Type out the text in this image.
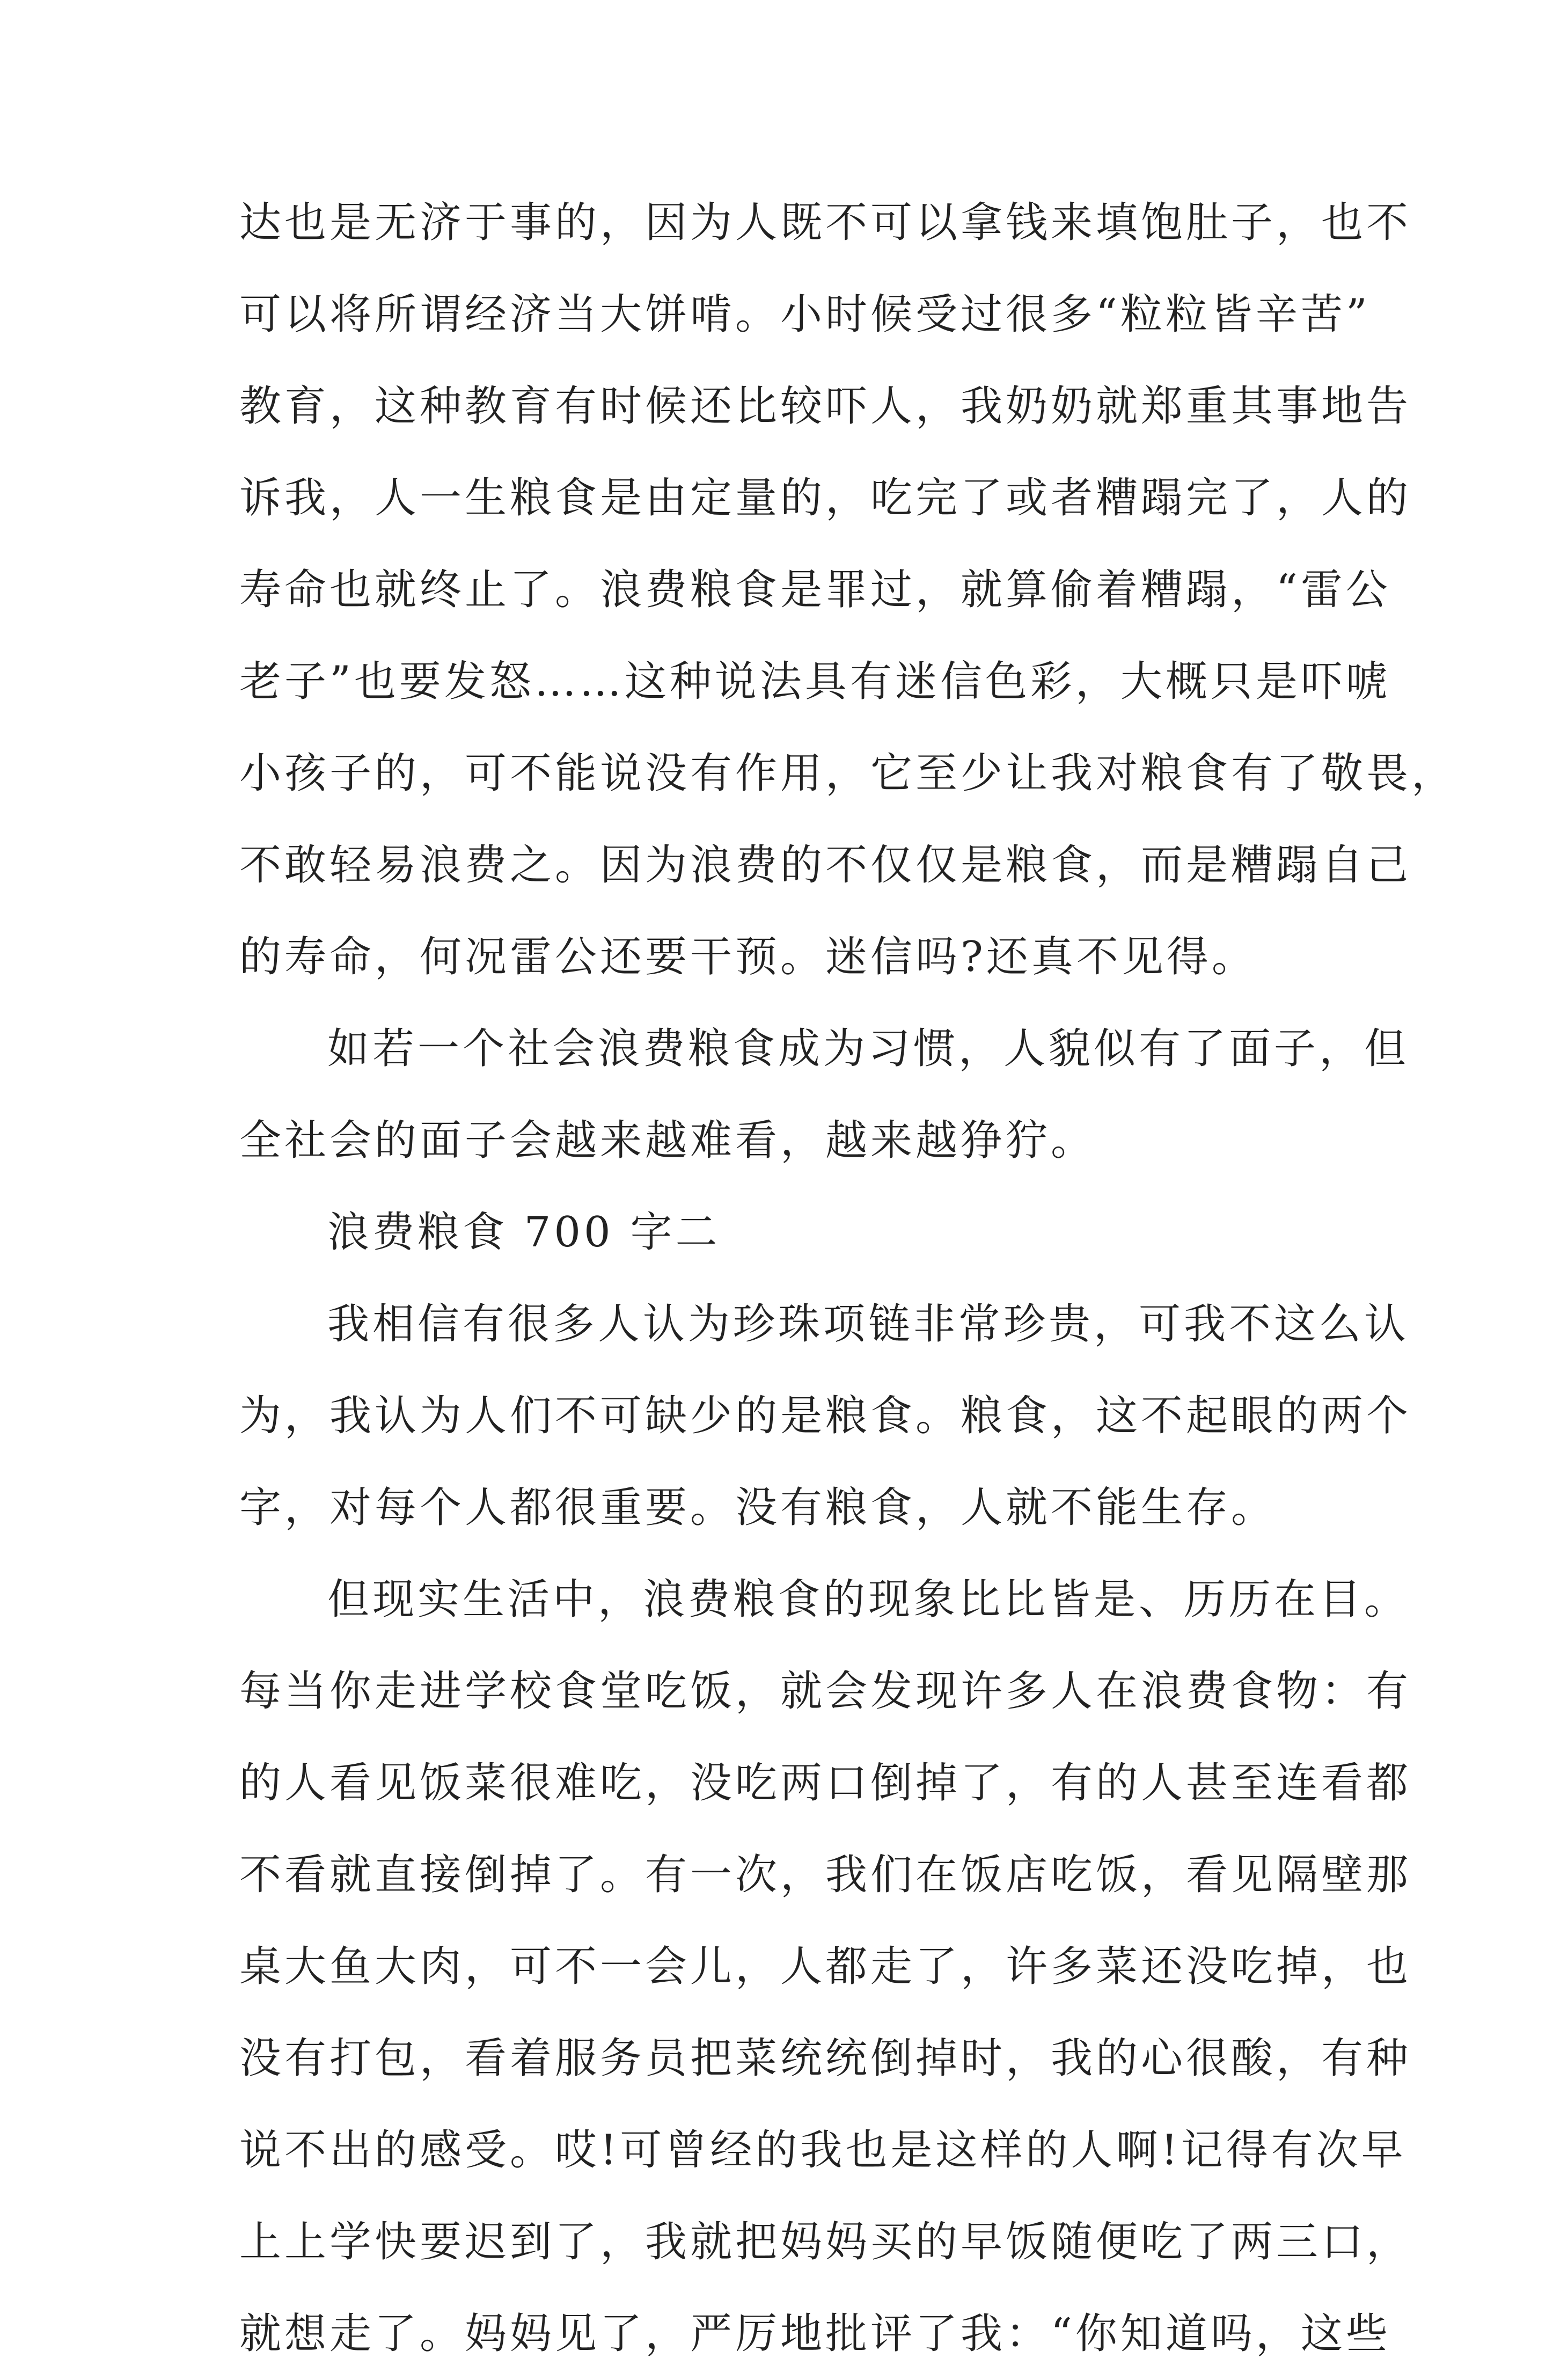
达也是无济于事的，因为人既不可以拿钱来填饱肚子，也不
可以将所谓经济当大饼啃。小时候受过很多“粒粒皆辛苦”
教育，这种教育有时候还比较吓人，我奶奶就郑重其事地告
诉我，人一生粮食是由定量的，吃完了或者糟蹋完了，人的
寿命也就终止了。浪费粮食是罪过，就算偷着糟蹋，“雷公
老子”也要发怒……这种说法具有迷信色彩，大概只是吓唬
小孩子的，可不能说没有作用，它至少让我对粮食有了敬畏，
不敢轻易浪费之。因为浪费的不仅仅是粮食，而是糟蹋自己
的寿命，何况雷公还要干预。迷信吗?还真不见得。
如若一个社会浪费粮食成为习惯，人貌似有了面子，但
全社会的面子会越来越难看，越来越狰狞。
浪费粮食 700 字二
我相信有很多人认为珍珠项链非常珍贵，可我不这么认
为，我认为人们不可缺少的是粮食。粮食，这不起眼的两个
字，对每个人都很重要。没有粮食，人就不能生存。
但现实生活中，浪费粮食的现象比比皆是、历历在目。
每当你走进学校食堂吃饭，就会发现许多人在浪费食物：有
的人看见饭菜很难吃，没吃两口倒掉了，有的人甚至连看都
不看就直接倒掉了。有一次，我们在饭店吃饭，看见隔壁那
桌大鱼大肉，可不一会儿，人都走了，许多菜还没吃掉，也
没有打包，看着服务员把菜统统倒掉时，我的心很酸，有种
说不出的感受。哎!可曾经的我也是这样的人啊!记得有次早
上上学快要迟到了，我就把妈妈买的早饭随便吃了两三口，
就想走了。妈妈见了，严厉地批评了我：“你知道吗，这些
